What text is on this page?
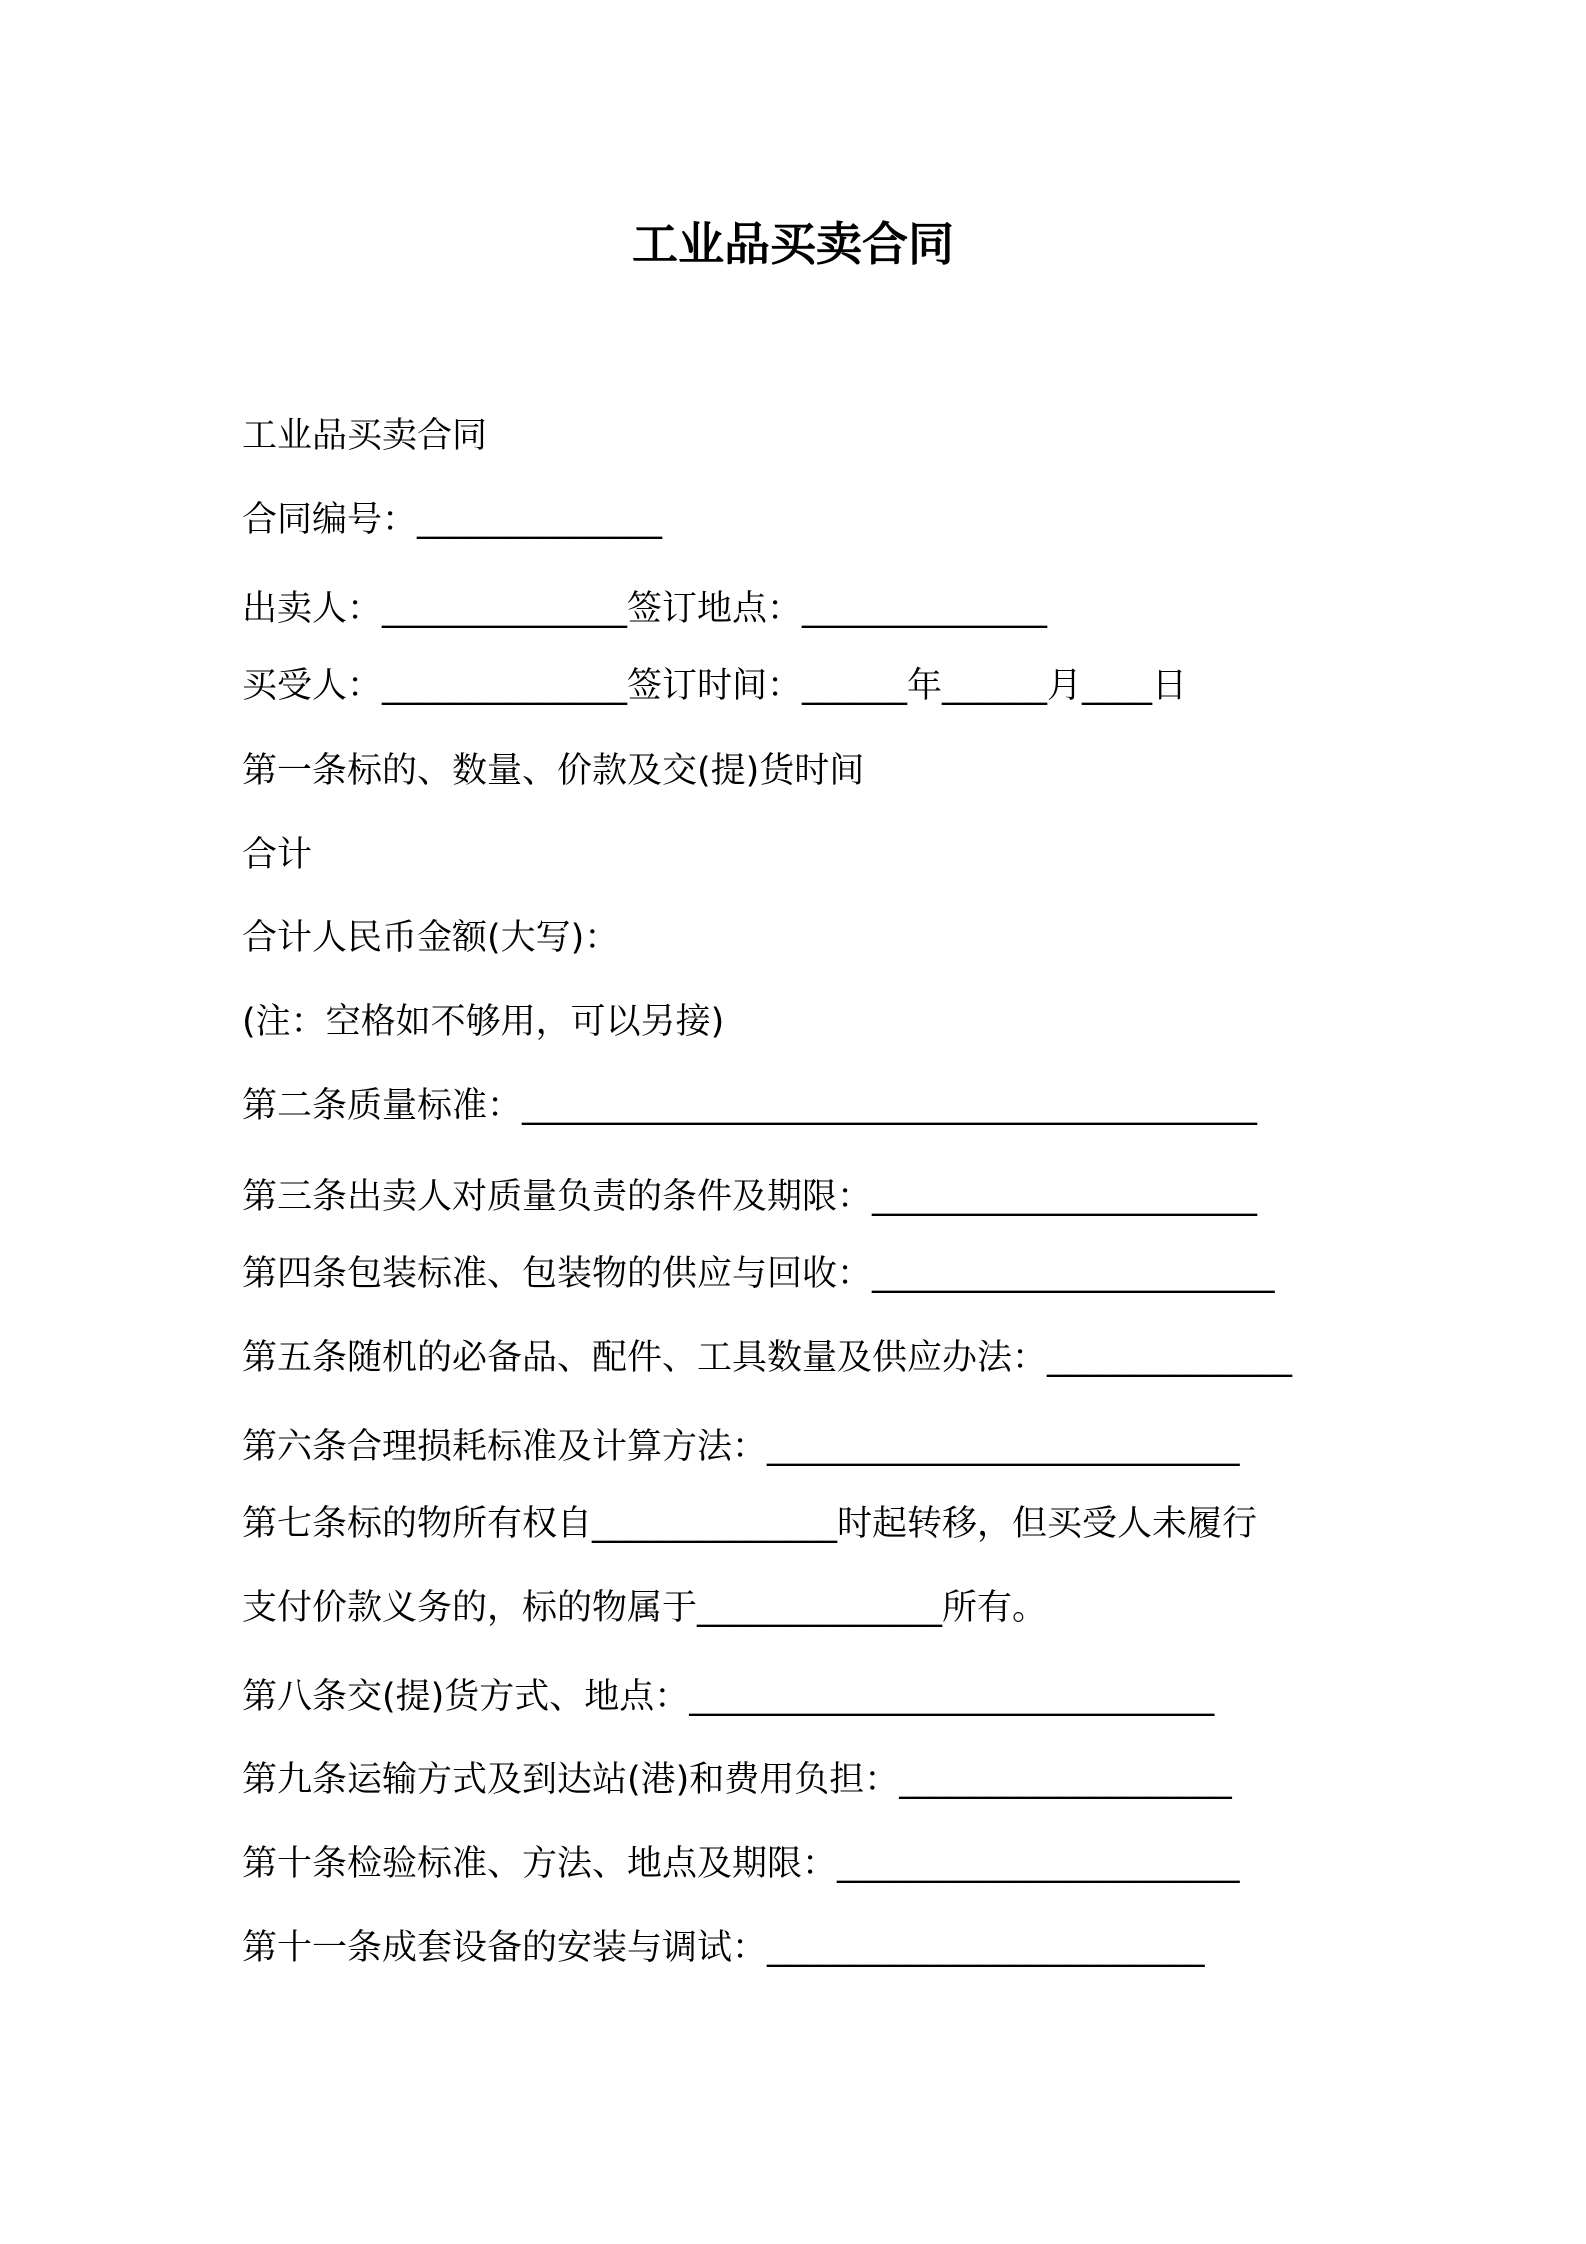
工业品买卖合同
工业品买卖合同
合同编号：______________
出卖人：______________签订地点：______________
买受人：______________签订时间：______年______月____日
第一条标的、数量、价款及交(提)货时间
合计
合计人民币金额(大写)：
(注：空格如不够用，可以另接)
第二条质量标准：__________________________________________
第三条出卖人对质量负责的条件及期限：______________________
第四条包装标准、包装物的供应与回收：_______________________
第五条随机的必备品、配件、工具数量及供应办法：______________
第六条合理损耗标准及计算方法：___________________________
第七条标的物所有权自______________时起转移，但买受人未履行
支付价款义务的，标的物属于______________所有。
第八条交(提)货方式、地点：______________________________
第九条运输方式及到达站(港)和费用负担：___________________
第十条检验标准、方法、地点及期限：_______________________
第十一条成套设备的安装与调试：_________________________
